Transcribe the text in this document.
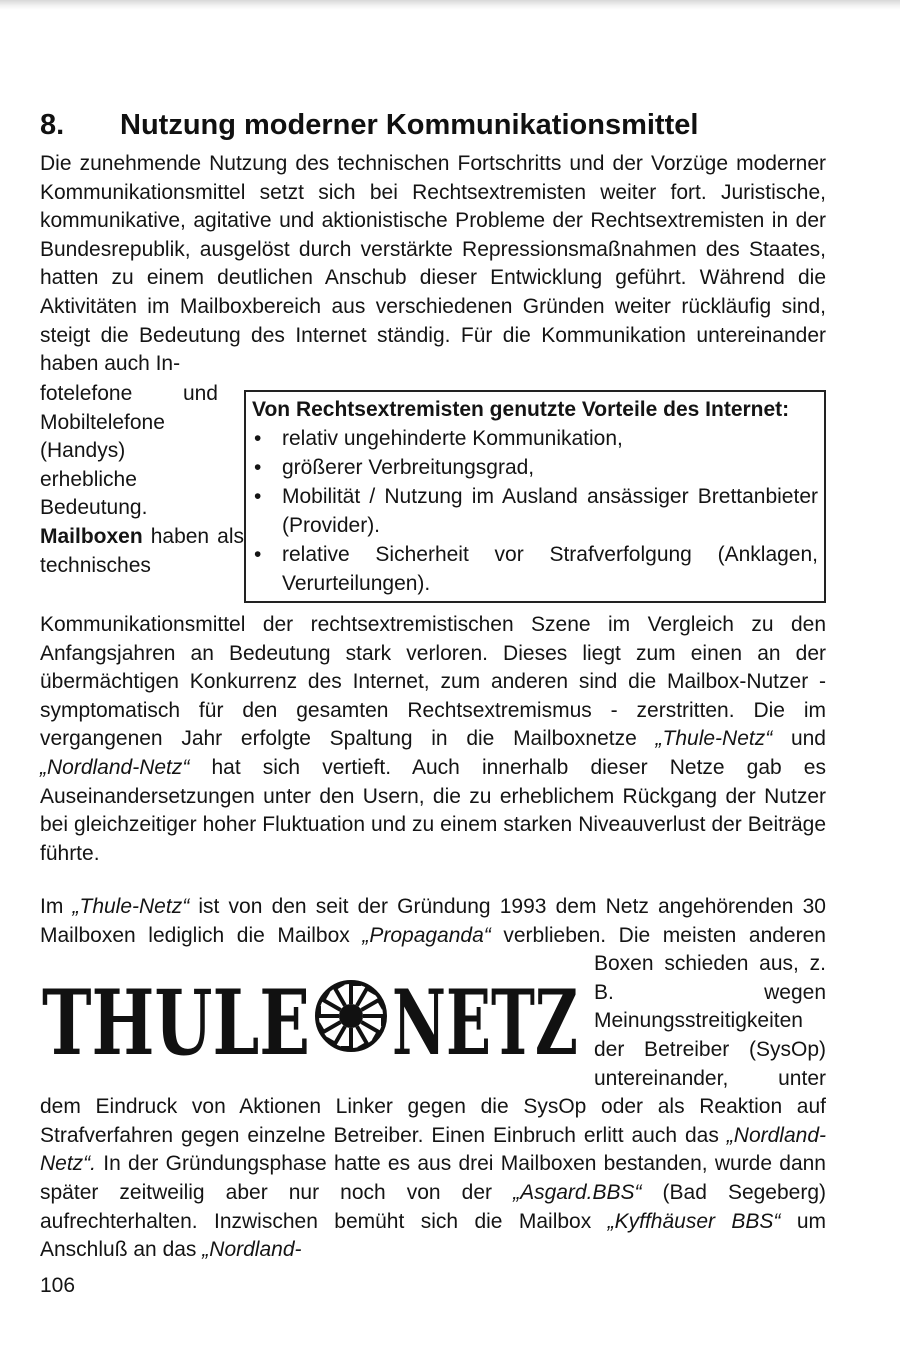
8. Nutzung moderner Kommunikationsmittel

Die zunehmende Nutzung des technischen Fortschritts und der Vorzüge moderner Kommunikationsmittel setzt sich bei Rechtsextremisten weiter fort. Juristische, kommunikative, agitative und aktionistische Probleme der Rechtsextremisten in der Bundesrepublik, ausgelöst durch verstärkte Repressionsmaßnahmen des Staates, hatten zu einem deutlichen Anschub dieser Entwicklung geführt. Während die Aktivitäten im Mailboxbereich aus verschiedenen Gründen weiter rückläufig sind, steigt die Bedeutung des Internet ständig. Für die Kommunikation untereinander haben auch In-

Von Rechtsextremisten genutzte Vorteile des Internet:
• relativ ungehinderte Kommunikation,
• größerer Verbreitungsgrad,
• Mobilität / Nutzung im Ausland ansässiger Brettanbieter (Provider).
• relative Sicherheit vor Strafverfolgung (Anklagen, Verurteilungen).

fotelefone und Mobiltelefone (Handys) erhebliche Bedeutung.

Mailboxen haben als technisches Kommunikationsmittel der rechtsextremistischen Szene im Vergleich zu den Anfangsjahren an Bedeutung stark verloren. Dieses liegt zum einen an der übermächtigen Konkurrenz des Internet, zum anderen sind die Mailbox-Nutzer - symptomatisch für den gesamten Rechtsextremismus - zerstritten. Die im vergangenen Jahr erfolgte Spaltung in die Mailboxnetze „Thule-Netz“ und „Nordland-Netz“ hat sich vertieft. Auch innerhalb dieser Netze gab es Auseinandersetzungen unter den Usern, die zu erheblichem Rückgang der Nutzer bei gleichzeitiger hoher Fluktuation und zu einem starken Niveauverlust der Beiträge führte.

Im „Thule-Netz“ ist von den seit der Gründung 1993 dem Netz angehörenden 30 Mailboxen lediglich die Mailbox „Propaganda“
THULE NETZ
verblieben. Die meisten anderen Boxen schieden aus, z. B. wegen Meinungsstreitigkeiten der Betreiber (SysOp) untereinander, unter dem Eindruck von Aktionen Linker gegen die SysOp oder als Reaktion auf Strafverfahren gegen einzelne Betreiber. Einen Einbruch erlitt auch das „Nordland-Netz“. In der Gründungsphase hatte es aus drei Mailboxen bestanden, wurde dann später zeitweilig aber nur noch von der „Asgard.BBS“ (Bad Segeberg) aufrechterhalten. Inzwischen bemüht sich die Mailbox „Kyffhäuser BBS“ um Anschluß an das „Nordland-
106
